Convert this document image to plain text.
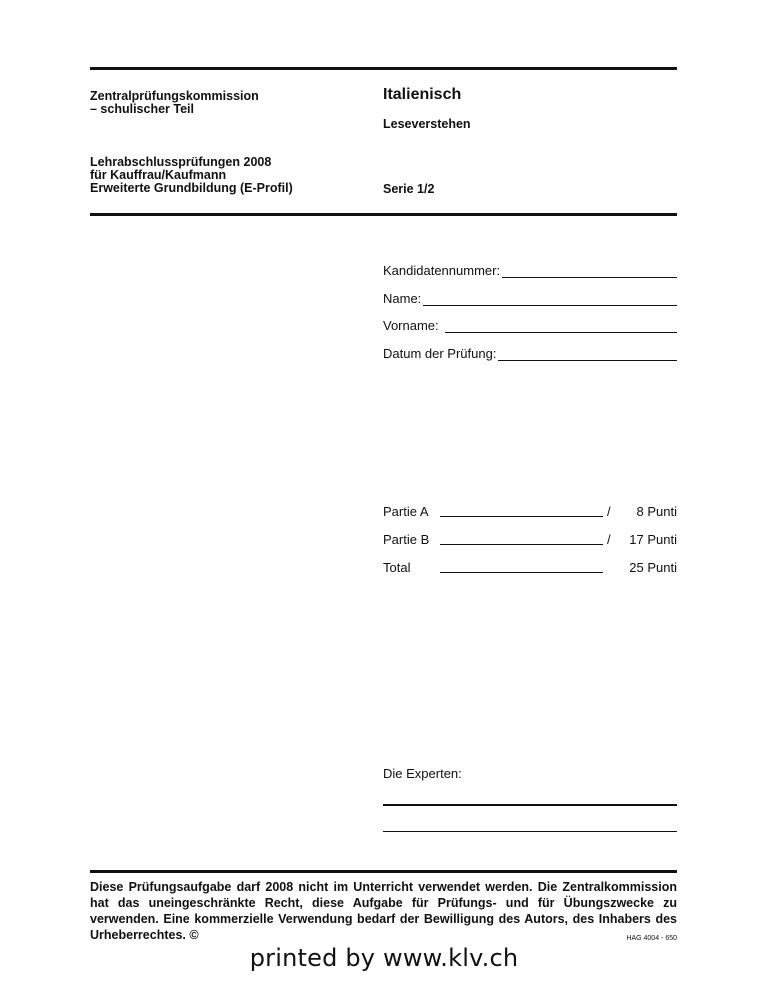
Zentralprüfungskommission
– schulischer Teil
Lehrabschlussprüfungen 2008
für Kauffrau/Kaufmann
Erweiterte Grundbildung (E-Profil)
Italienisch
Leseverstehen
Serie 1/2
Kandidatennummer:
Name:
Vorname:
Datum der Prüfung:
Partie A	/ 8 Punti
Partie B	/ 17 Punti
Total	25 Punti
Die Experten:
Diese Prüfungsaufgabe darf 2008 nicht im Unterricht verwendet werden. Die Zentralkommission hat das uneingeschränkte Recht, diese Aufgabe für Prüfungs- und für Übungszwecke zu verwenden. Eine kommerzielle Verwendung bedarf der Bewilligung des Autors, des Inhabers des Urheberrechtes. ©	HAG 4004 - 650
printed by www.klv.ch
